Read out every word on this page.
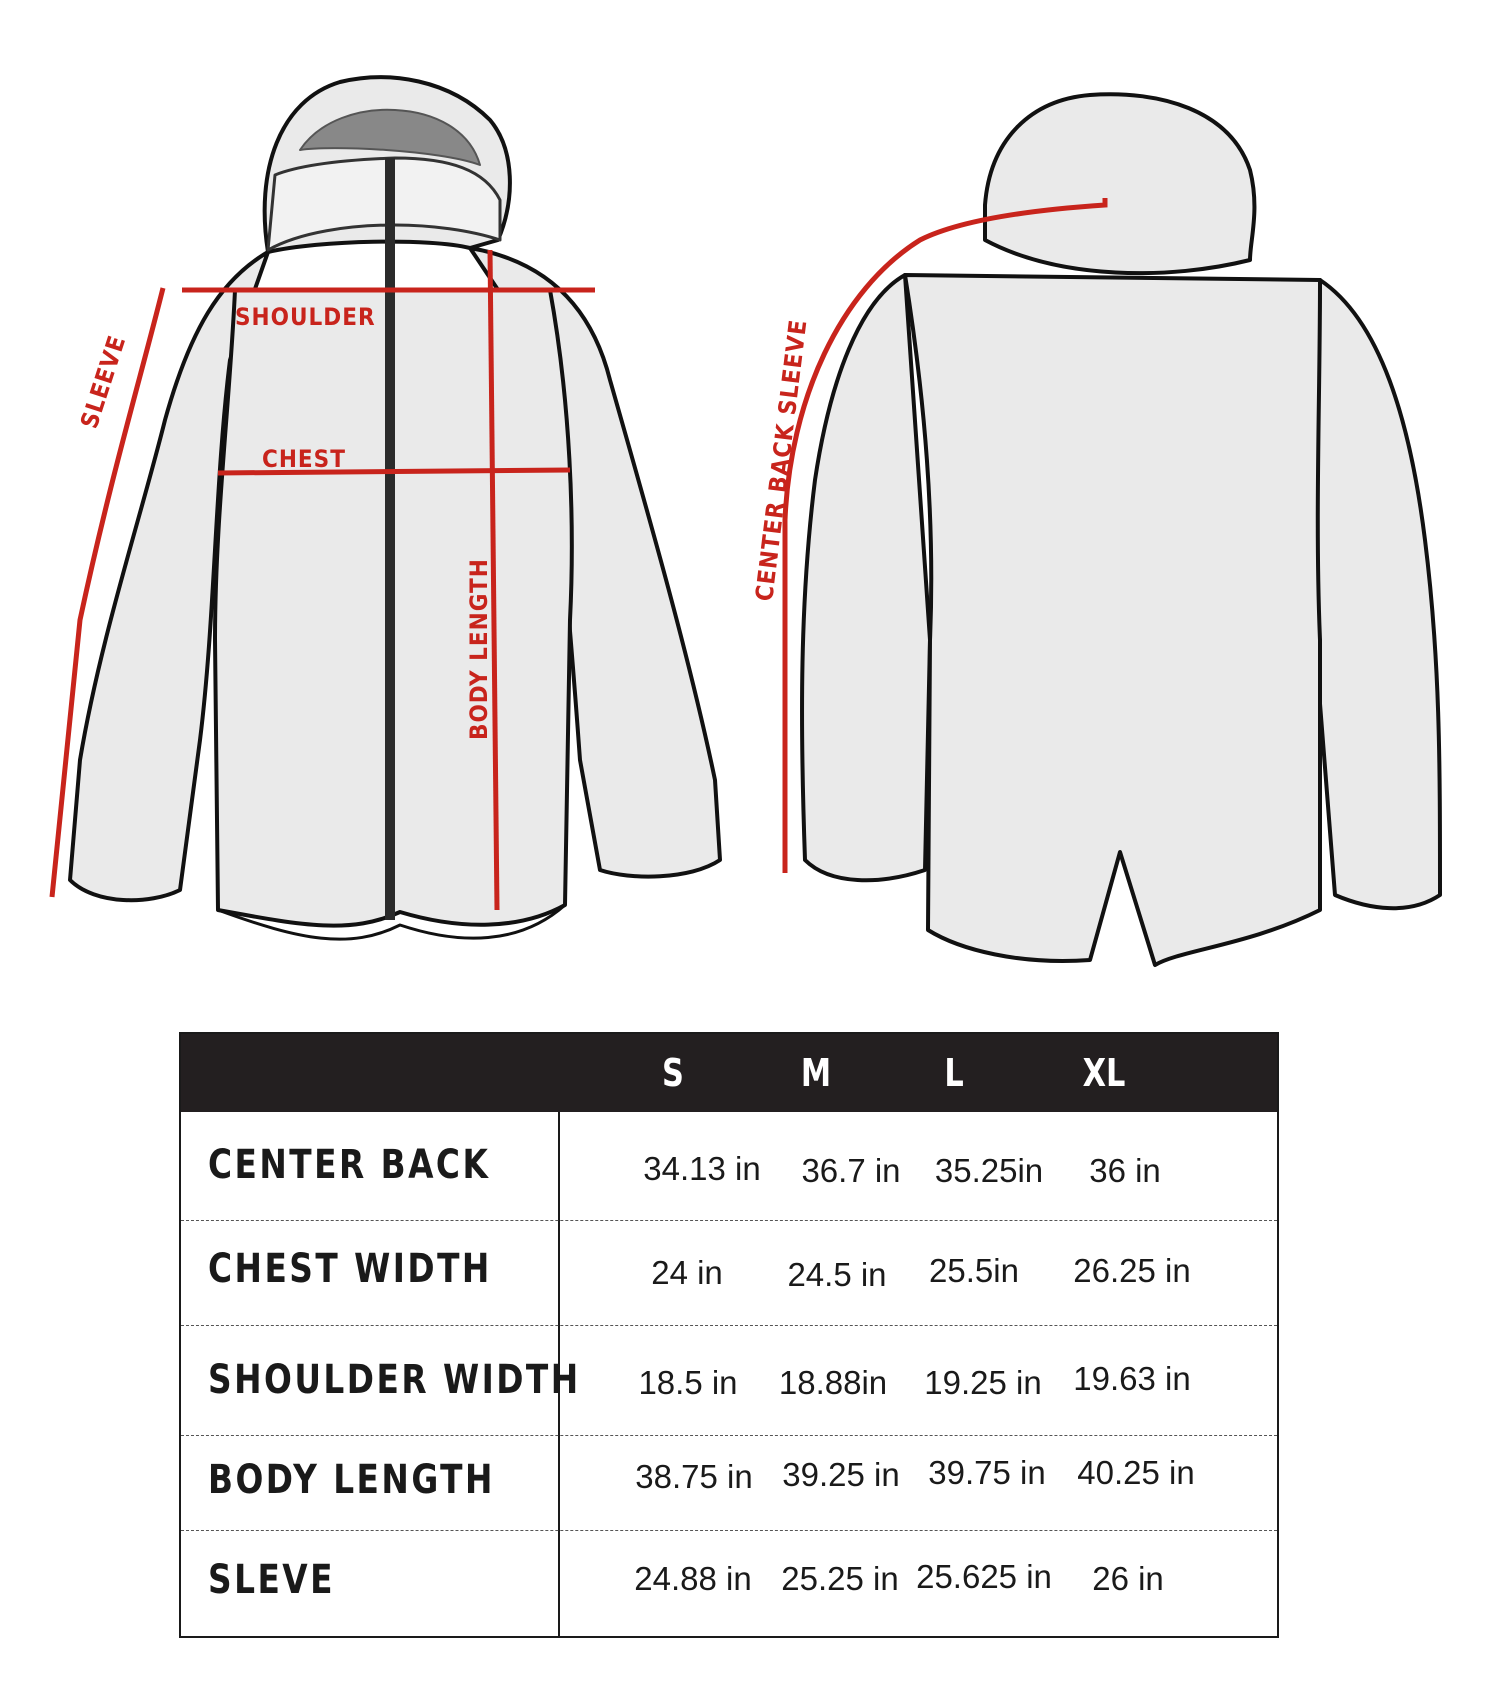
SHOULDER
CHEST
SLEEVE
BODY LENGTH
CENTER BACK SLEEVE
S	M	L	XL
CENTER BACK	34.13 in	36.7 in	35.25in	36 in
CHEST WIDTH	24 in	24.5 in	25.5in	26.25 in
SHOULDER WIDTH	18.5 in	18.88in	19.25 in 19.63 in
BODY LENGTH	38.75 in 39.25 in 39.75 in 40.25 in
SLEVE	24.88 in 25.25 in 25.625 in	26 in
